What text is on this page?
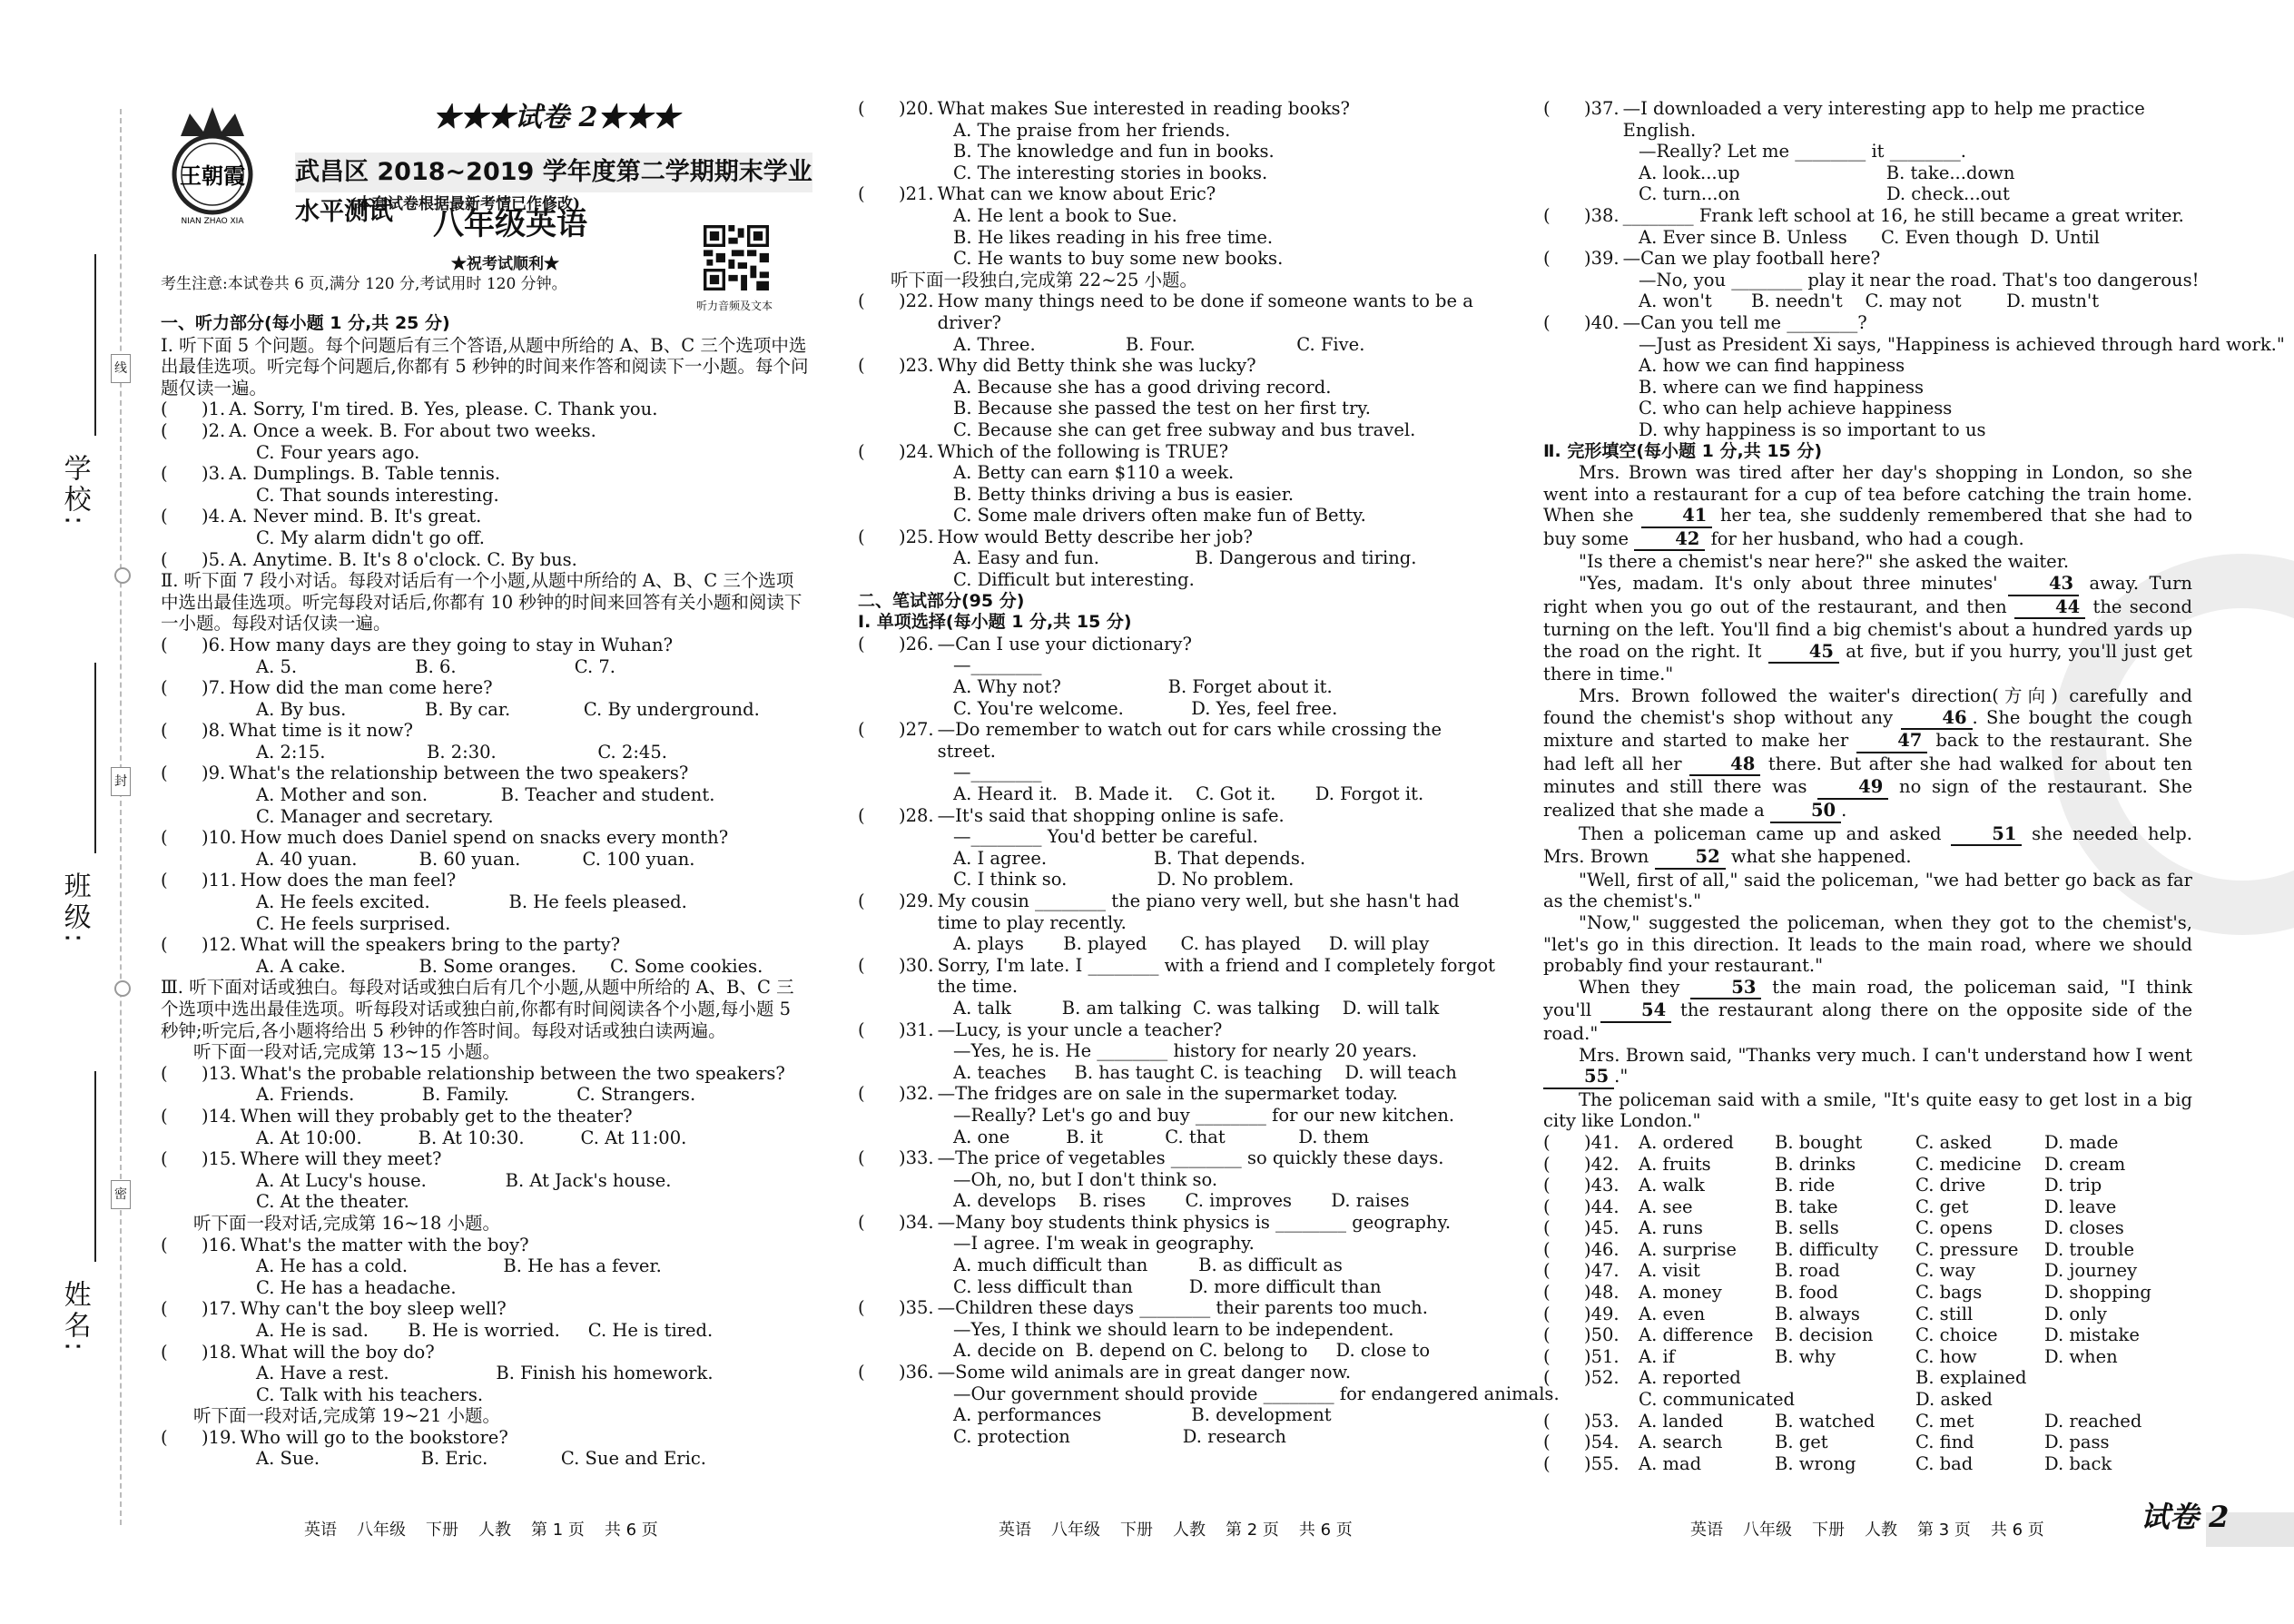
姓名:
班级:
学校:
线
封
密
王朝霞
NIAN ZHAO XIA
★★★试卷 2★★★
武昌区 2018~2019 学年度第二学期期末学业水平测试
(本套试卷根据最新考情已作修改)
八年级英语
★祝考试顺利★
考生注意:本试卷共 6 页,满分 120 分,考试用时 120 分钟。
听力音频及文本

一、听力部分(每小题 1 分,共 25 分)

Ⅰ. 听下面 5 个问题。每个问题后有三个答语,从题中所给的 A、B、C 三个选项中选出最佳选项。听完每个问题后,你都有 5 秒钟的时间来作答和阅读下一小题。每个问题仅读一遍。

(	)1. A. Sorry, I'm tired. B. Yes, please. C. Thank you.
(	)2. A. Once a week. B. For about two weeks.

C. Four years ago.

(	)3. A. Dumplings. B. Table tennis.

C. That sounds interesting.

(	)4. A. Never mind. B. It's great.

C. My alarm didn't go off.

(	)5. A. Anytime. B. It's 8 o'clock. C. By bus.

Ⅱ. 听下面 7 段小对话。每段对话后有一个小题,从题中所给的 A、B、C 三个选项中选出最佳选项。听完每段对话后,你都有 10 秒钟的时间来回答有关小题和阅读下一小题。每段对话仅读一遍。

(	)6. How many days are they going to stay in Wuhan?

A. 5.                     B. 6.                     C. 7.

(	)7. How did the man come here?

A. By bus.              B. By car.             C. By underground.

(	)8. What time is it now?

A. 2:15.                  B. 2:30.                  C. 2:45.

(	)9. What's the relationship between the two speakers?

A. Mother and son.             B. Teacher and student.

C. Manager and secretary.

(	)10. How much does Daniel spend on snacks every month?

A. 40 yuan.           B. 60 yuan.           C. 100 yuan.

(	)11. How does the man feel?

A. He feels excited.              B. He feels pleased.

C. He feels surprised.

(	)12. What will the speakers bring to the party?

A. A cake.             B. Some oranges.      C. Some cookies.

Ⅲ. 听下面对话或独白。每段对话或独白后有几个小题,从题中所给的 A、B、C 三个选项中选出最佳选项。听每段对话或独白前,你都有时间阅读各个小题,每小题 5 秒钟;听完后,各小题将给出 5 秒钟的作答时间。每段对话或独白读两遍。

听下面一段对话,完成第 13~15 小题。

(	)13. What's the probable relationship between the two speakers?

A. Friends.            B. Family.            C. Strangers.

(	)14. When will they probably get to the theater?

A. At 10:00.          B. At 10:30.          C. At 11:00.

(	)15. Where will they meet?

A. At Lucy's house.              B. At Jack's house.

C. At the theater.

听下面一段对话,完成第 16~18 小题。

(	)16. What's the matter with the boy?

A. He has a cold.                 B. He has a fever.

C. He has a headache.

(	)17. Why can't the boy sleep well?

A. He is sad.       B. He is worried.     C. He is tired.

(	)18. What will the boy do?

A. Have a rest.                   B. Finish his homework.

C. Talk with his teachers.

听下面一段对话,完成第 19~21 小题。

(	)19. Who will go to the bookstore?

A. Sue.                  B. Eric.             C. Sue and Eric.

(	)20. What makes Sue interested in reading books?

A. The praise from her friends.

B. The knowledge and fun in books.

C. The interesting stories in books.

(	)21. What can we know about Eric?

A. He lent a book to Sue.

B. He likes reading in his free time.

C. He wants to buy some new books.

听下面一段独白,完成第 22~25 小题。

(	)22. How many things need to be done if someone wants to be a driver?

A. Three.                B. Four.                  C. Five.

(	)23. Why did Betty think she was lucky?

A. Because she has a good driving record.

B. Because she passed the test on her first try.

C. Because she can get free subway and bus travel.

(	)24. Which of the following is TRUE?

A. Betty can earn $110 a week.

B. Betty thinks driving a bus is easier.

C. Some male drivers often make fun of Betty.

(	)25. How would Betty describe her job?

A. Easy and fun.                 B. Dangerous and tiring.

C. Difficult but interesting.

二、笔试部分(95 分)

Ⅰ. 单项选择(每小题 1 分,共 15 分)

(	)26. —Can I use your dictionary?

—________

A. Why not?                   B. Forget about it.

C. You're welcome.            D. Yes, feel free.

(	)27. —Do remember to watch out for cars while crossing the street.

—________

A. Heard it.   B. Made it.    C. Got it.       D. Forgot it.

(	)28. —It's said that shopping online is safe.

—________ You'd better be careful.

A. I agree.                   B. That depends.

C. I think so.                D. No problem.

(	)29. My cousin ________ the piano very well, but she hasn't had time to play recently.

A. plays       B. played      C. has played     D. will play

(	)30. Sorry, I'm late. I ________ with a friend and I completely forgot the time.

A. talk         B. am talking  C. was talking    D. will talk

(	)31. —Lucy, is your uncle a teacher?

—Yes, he is. He ________ history for nearly 20 years.

A. teaches     B. has taught C. is teaching    D. will teach

(	)32. —The fridges are on sale in the supermarket today.

—Really? Let's go and buy ________ for our new kitchen.

A. one          B. it           C. that             D. them

(	)33. —The price of vegetables ________ so quickly these days.

—Oh, no, but I don't think so.

A. develops    B. rises       C. improves       D. raises

(	)34. —Many boy students think physics is ________ geography.

—I agree. I'm weak in geography.

A. much difficult than         B. as difficult as

C. less difficult than          D. more difficult than

(	)35. —Children these days ________ their parents too much.

—Yes, I think we should learn to be independent.

A. decide on  B. depend on C. belong to     D. close to

(	)36. —Some wild animals are in great danger now.

—Our government should provide ________ for endangered animals.

A. performances                B. development

C. protection                    D. research

(	)37. —I downloaded a very interesting app to help me practice English.

—Really? Let me ________ it ________.

A. look...up                          B. take...down

C. turn...on                          D. check...out

(	)38. ________ Frank left school at 16, he still became a great writer.

A. Ever since B. Unless      C. Even though  D. Until

(	)39. —Can we play football here?

—No, you ________ play it near the road. That's too dangerous!

A. won't       B. needn't    C. may not        D. mustn't

(	)40. —Can you tell me ________?

—Just as President Xi says, "Happiness is achieved through hard work."

A. how we can find happiness

B. where can we find happiness

C. who can help achieve happiness

D. why happiness is so important to us

Ⅱ. 完形填空(每小题 1 分,共 15 分)

Mrs. Brown was tired after her day's shopping in London, so she went into a restaurant for a cup of tea before catching the train home. When she 41 her tea, she suddenly remembered that she had to buy some 42 for her husband, who had a cough.

"Is there a chemist's near here?" she asked the waiter.

"Yes, madam. It's only about three minutes' 43 away. Turn right when you go out of the restaurant, and then 44 the second turning on the left. You'll find a big chemist's about a hundred yards up the road on the right. It 45 at five, but if you hurry, you'll just get there in time."

Mrs. Brown followed the waiter's direction(方向) carefully and found the chemist's shop without any 46 . She bought the cough mixture and started to make her 47 back to the restaurant. She had left all her 48 there. But after she had walked for about ten minutes and still there was 49 no sign of the restaurant. She realized that she made a 50 .

Then a policeman came up and asked 51 she needed help. Mrs. Brown 52 what she happened.

"Well, first of all," said the policeman, "we had better go back as far as the chemist's."

"Now," suggested the policeman, when they got to the chemist's, "let's go in this direction. It leads to the main road, where we should probably find your restaurant."

When they 53 the main road, the policeman said, "I think you'll 54 the restaurant along there on the opposite side of the road."

Mrs. Brown said, "Thanks very much. I can't understand how I went 55 ."

The policeman said with a smile, "It's quite easy to get lost in a big city like London."

(	)41.	A. ordered	B. bought	C. asked	D. made
(	)42.	A. fruits	B. drinks	C. medicine	D. cream
(	)43.	A. walk	B. ride	C. drive	D. trip
(	)44.	A. see	B. take	C. get	D. leave
(	)45.	A. runs	B. sells	C. opens	D. closes
(	)46.	A. surprise	B. difficulty	C. pressure	D. trouble
(	)47.	A. visit	B. road	C. way	D. journey
(	)48.	A. money	B. food	C. bags	D. shopping
(	)49.	A. even	B. always	C. still	D. only
(	)50.	A. difference	B. decision	C. choice	D. mistake
(	)51.	A. if	B. why	C. how	D. when
(	)52.	A. reported	B. explained
C. communicated	D. asked
(	)53.	A. landed	B. watched	C. met	D. reached
(	)54.	A. search	B. get	C. find	D. pass
(	)55.	A. mad	B. wrong	C. bad	D. back
英语 八年级 下册 人教 第 1 页 共 6 页	英语 八年级 下册 人教 第 2 页 共 6 页	英语 八年级 下册 人教 第 3 页 共 6 页	试卷 2
